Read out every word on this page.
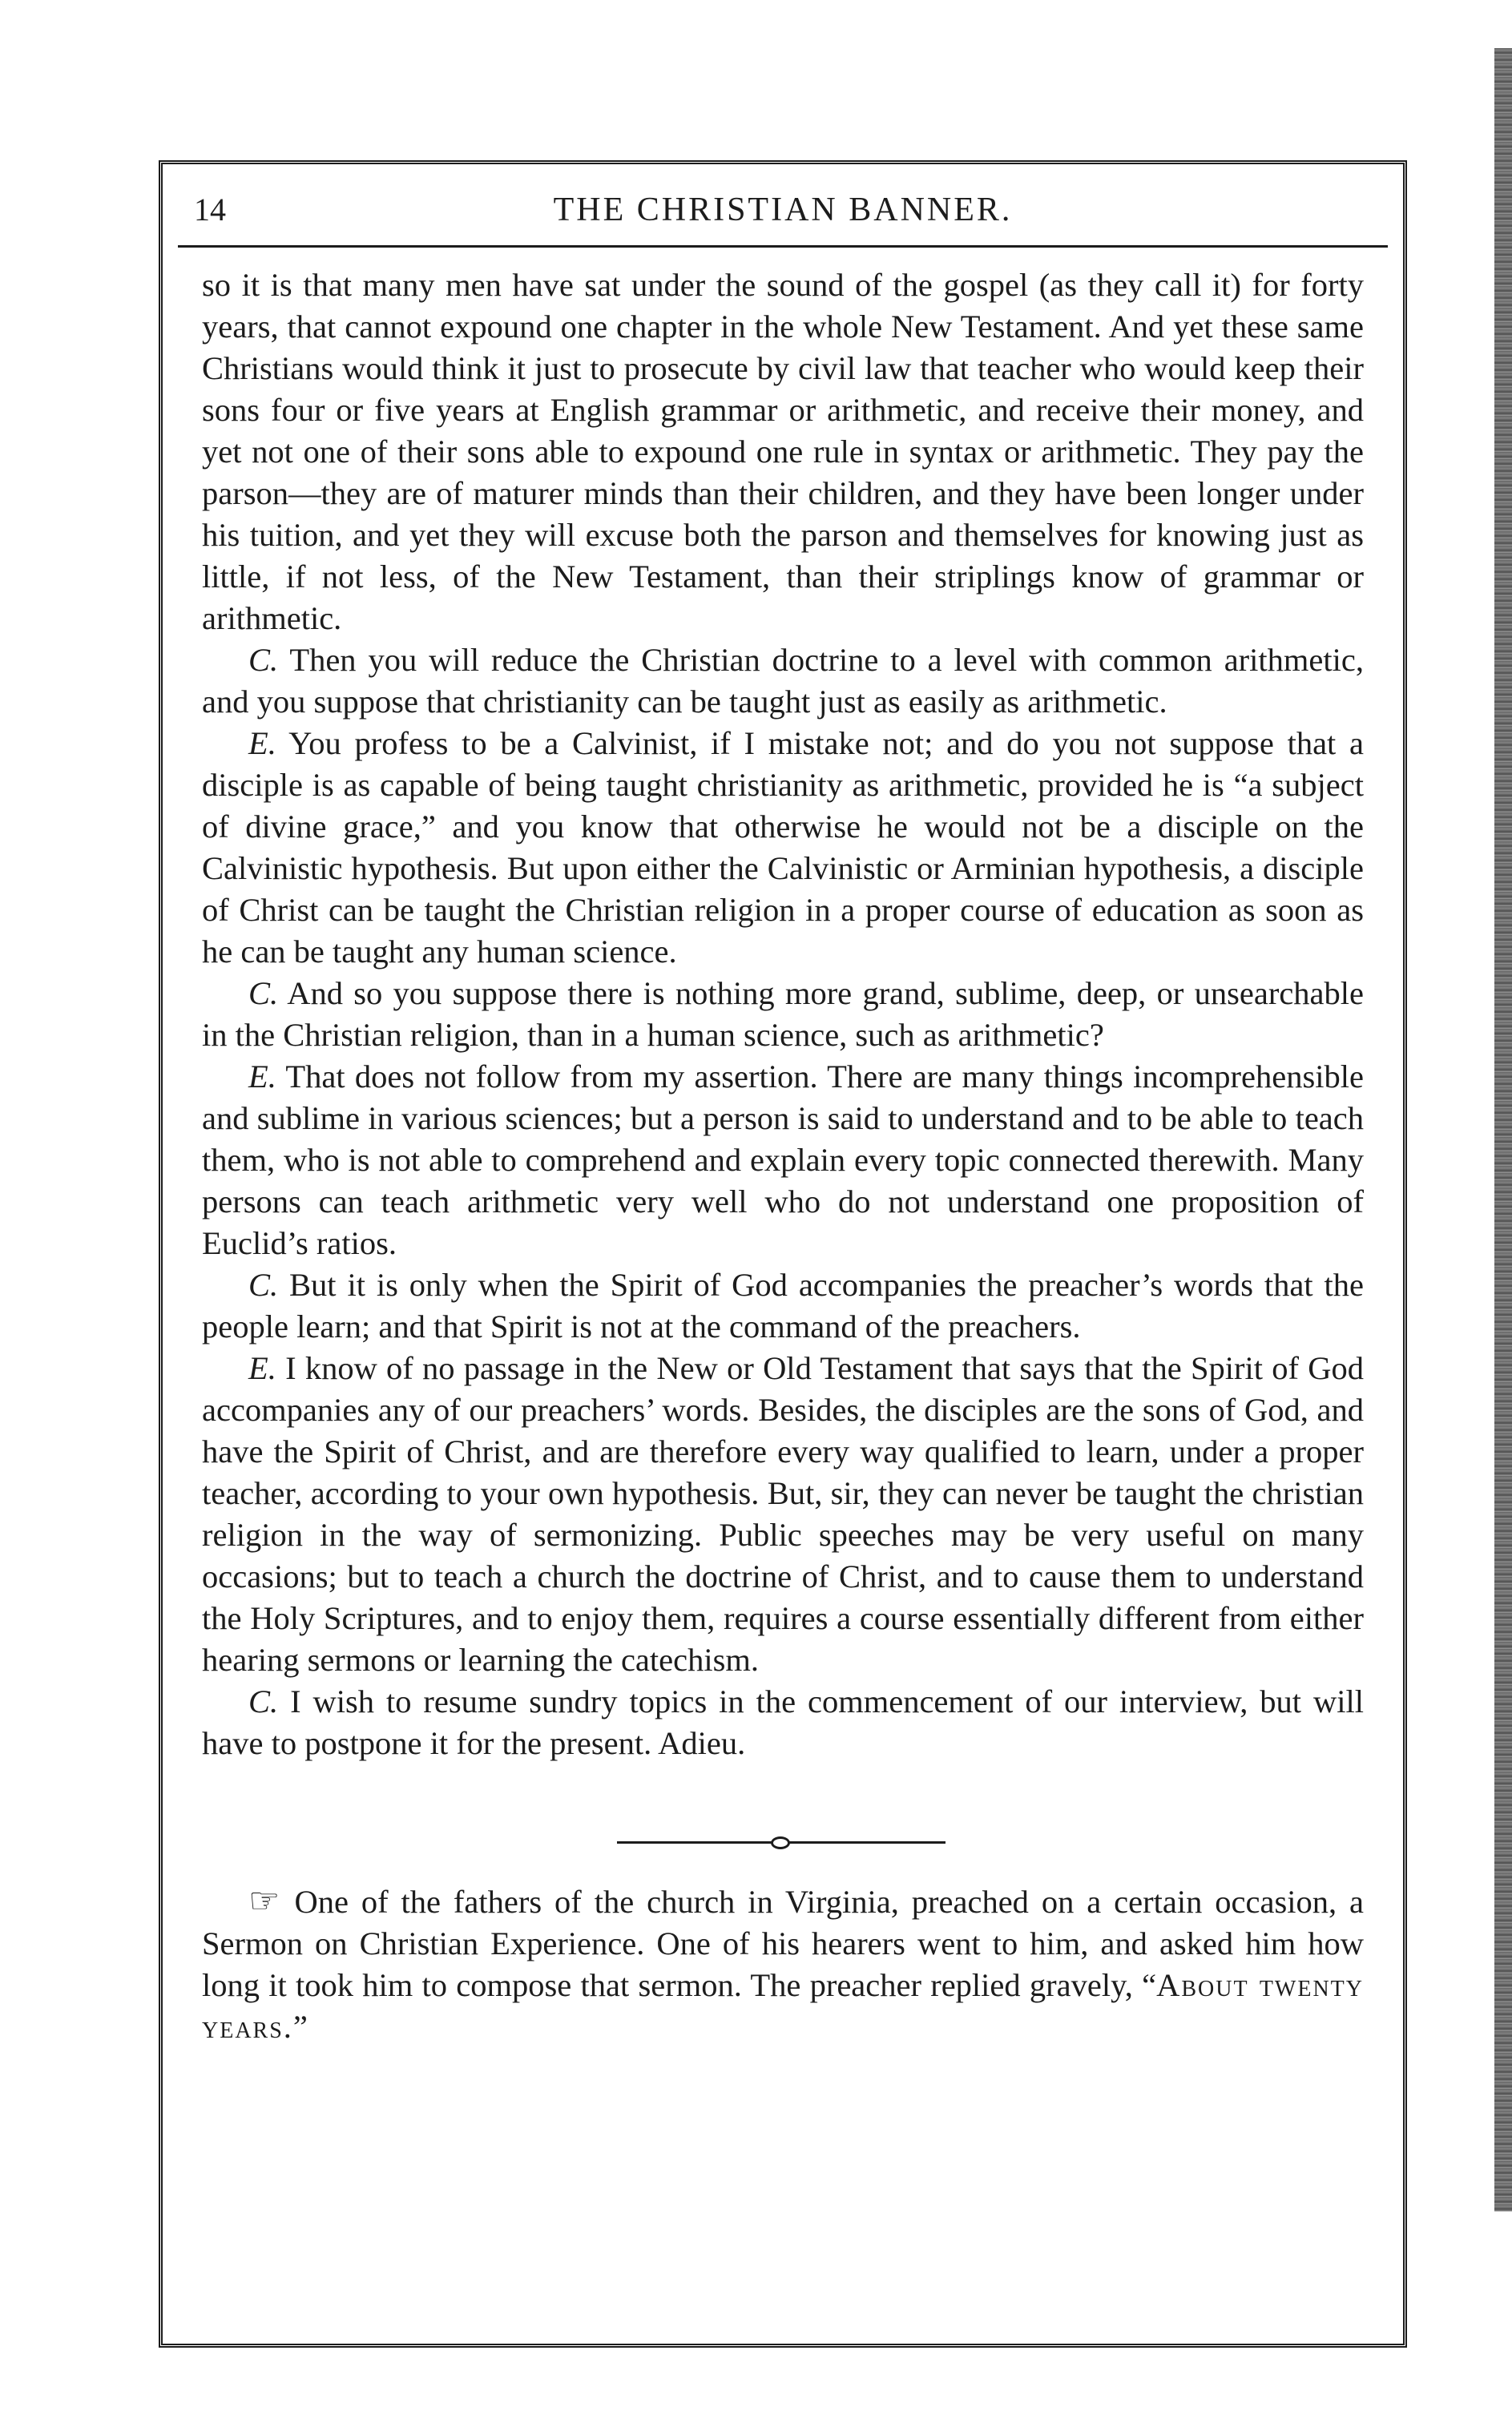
14	THE CHRISTIAN BANNER.

so it is that many men have sat under the sound of the gospel (as they call it) for forty years, that cannot expound one chapter in the whole New Testament. And yet these same Christians would think it just to prosecute by civil law that teacher who would keep their sons four or five years at English grammar or arithmetic, and receive their money, and yet not one of their sons able to expound one rule in syntax or arithmetic. They pay the parson—they are of maturer minds than their children, and they have been longer under his tuition, and yet they will excuse both the parson and themselves for knowing just as little, if not less, of the New Testament, than their striplings know of grammar or arithmetic.

C. Then you will reduce the Christian doctrine to a level with common arithmetic, and you suppose that christianity can be taught just as easily as arithmetic.

E. You profess to be a Calvinist, if I mistake not; and do you not suppose that a disciple is as capable of being taught christianity as arithmetic, provided he is “a subject of divine grace,” and you know that otherwise he would not be a disciple on the Calvinistic hypothesis. But upon either the Calvinistic or Arminian hypothesis, a disciple of Christ can be taught the Christian religion in a proper course of education as soon as he can be taught any human science.

C. And so you suppose there is nothing more grand, sublime, deep, or unsearchable in the Christian religion, than in a human science, such as arithmetic?

E. That does not follow from my assertion. There are many things incomprehensible and sublime in various sciences; but a person is said to understand and to be able to teach them, who is not able to comprehend and explain every topic connected therewith. Many persons can teach arithmetic very well who do not understand one proposition of Euclid’s ratios.

C. But it is only when the Spirit of God accompanies the preacher’s words that the people learn; and that Spirit is not at the command of the preachers.

E. I know of no passage in the New or Old Testament that says that the Spirit of God accompanies any of our preachers’ words. Besides, the disciples are the sons of God, and have the Spirit of Christ, and are therefore every way qualified to learn, under a proper teacher, according to your own hypothesis. But, sir, they can never be taught the christian religion in the way of sermonizing. Public speeches may be very useful on many occasions; but to teach a church the doctrine of Christ, and to cause them to understand the Holy Scriptures, and to enjoy them, requires a course essentially different from either hearing sermons or learning the catechism.

C. I wish to resume sundry topics in the commencement of our interview, but will have to postpone it for the present. Adieu.

☞ One of the fathers of the church in Virginia, preached on a certain occasion, a Sermon on Christian Experience. One of his hearers went to him, and asked him how long it took him to compose that sermon. The preacher replied gravely, “About twenty years.”
